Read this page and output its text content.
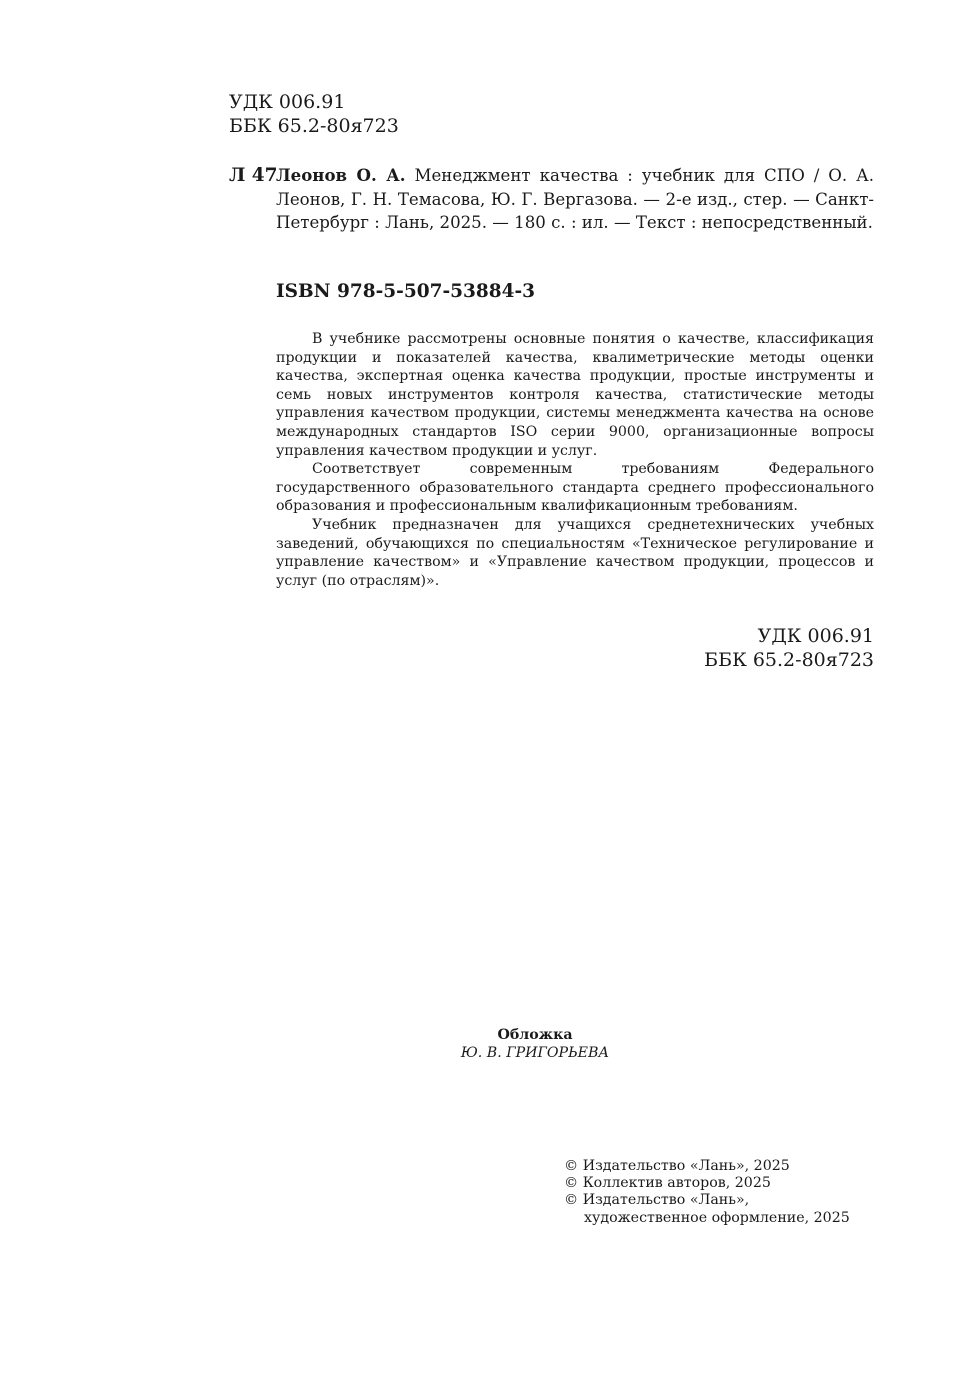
УДК 006.91
ББК 65.2-80я723
Л 47
Леонов О. А. Менеджмент качества : учебник для СПО / О. А. Леонов, Г. Н. Темасова, Ю. Г. Вергазова. — 2-е изд., стер. — Санкт-Петербург : Лань, 2025. — 180 с. : ил. — Текст : непосредственный.
ISBN 978-5-507-53884-3

В учебнике рассмотрены основные понятия о качестве, классификация продукции и показателей качества, квалиметрические методы оценки качества, экспертная оценка качества продукции, простые инструменты и семь новых инструментов контроля качества, статистические методы управления качеством продукции, системы менеджмента качества на основе международных стандартов ISO серии 9000, организационные вопросы управления качеством продукции и услуг.

Соответствует современным требованиям Федерального государственного образовательного стандарта среднего профессионального образования и профессиональным квалификационным требованиям.

Учебник предназначен для учащихся среднетехнических учебных заведений, обучающихся по специальностям «Техническое регулирование и управление качеством» и «Управление качеством продукции, процессов и услуг (по отраслям)».

УДК 006.91
ББК 65.2-80я723
Обложка
Ю. В. ГРИГОРЬЕВА
© Издательство «Лань», 2025
© Коллектив авторов, 2025
© Издательство «Лань»,
художественное оформление, 2025
